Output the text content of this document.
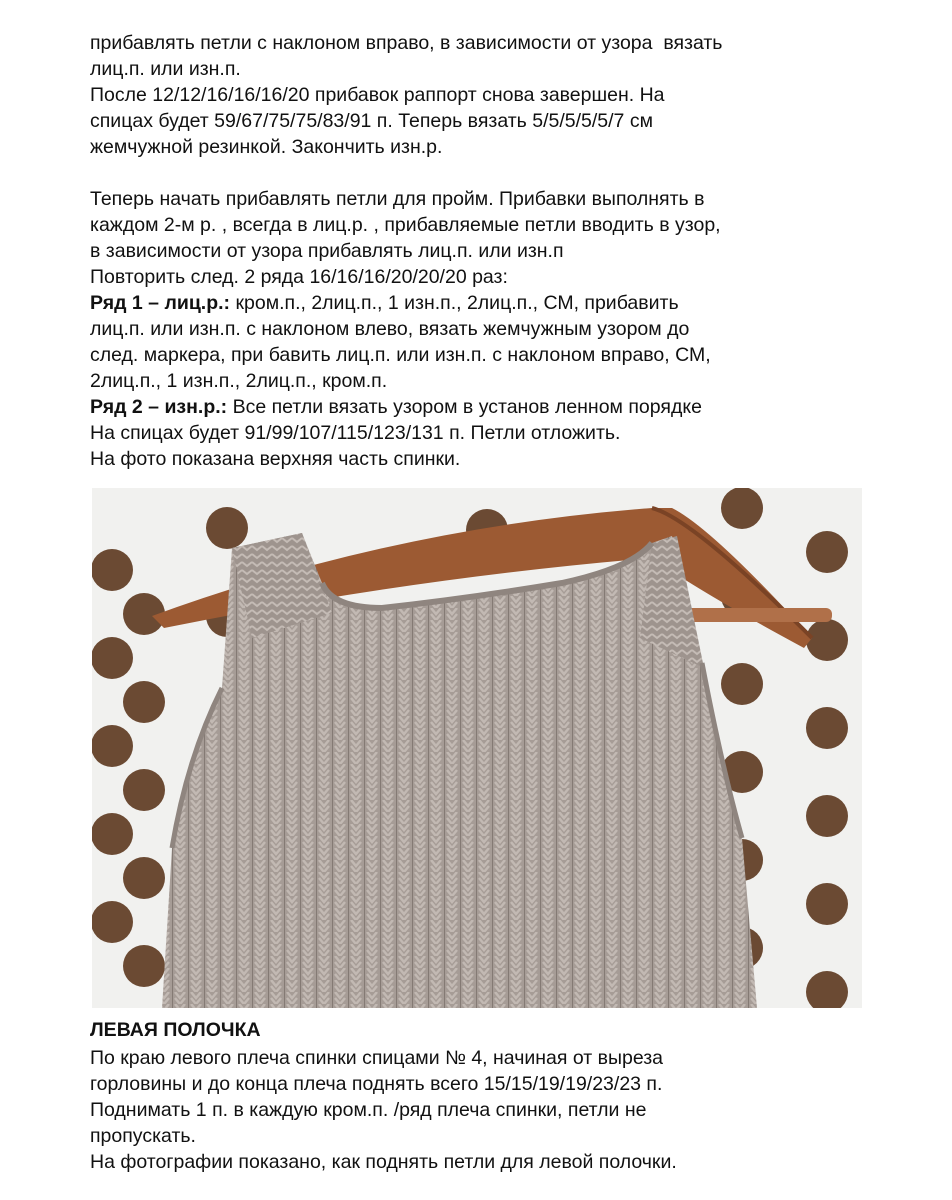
прибавлять петли с наклоном вправо, в зависимости от узора  вязать

лиц.п. или изн.п.

После 12/12/16/16/16/20 прибавок раппорт снова завершен. На

спицах будет 59/67/75/75/83/91 п. Теперь вязать 5/5/5/5/5/7 см

жемчужной резинкой. Закончить изн.р.

Теперь начать прибавлять петли для пройм. Прибавки выполнять в

каждом 2-м р. , всегда в лиц.р. , прибавляемые петли вводить в узор,

в зависимости от узора прибавлять лиц.п. или изн.п

Повторить след. 2 ряда 16/16/16/20/20/20 раз:

Ряд 1 – лиц.р.: кром.п., 2лиц.п., 1 изн.п., 2лиц.п., СМ, прибавить

лиц.п. или изн.п. с наклоном влево, вязать жемчужным узором до

след. маркера, при бавить лиц.п. или изн.п. с наклоном вправо, СМ,

2лиц.п., 1 изн.п., 2лиц.п., кром.п.

Ряд 2 – изн.р.: Все петли вязать узором в установ ленном порядке

На спицах будет 91/99/107/115/123/131 п. Петли отложить.

На фото показана верхняя часть спинки.

ЛЕВАЯ ПОЛОЧКА

По краю левого плеча спинки спицами № 4, начиная от выреза

горловины и до конца плеча поднять всего 15/15/19/19/23/23 п.

Поднимать 1 п. в каждую кром.п. /ряд плеча спинки, петли не

пропускать.

На фотографии показано, как поднять петли для левой полочки.
